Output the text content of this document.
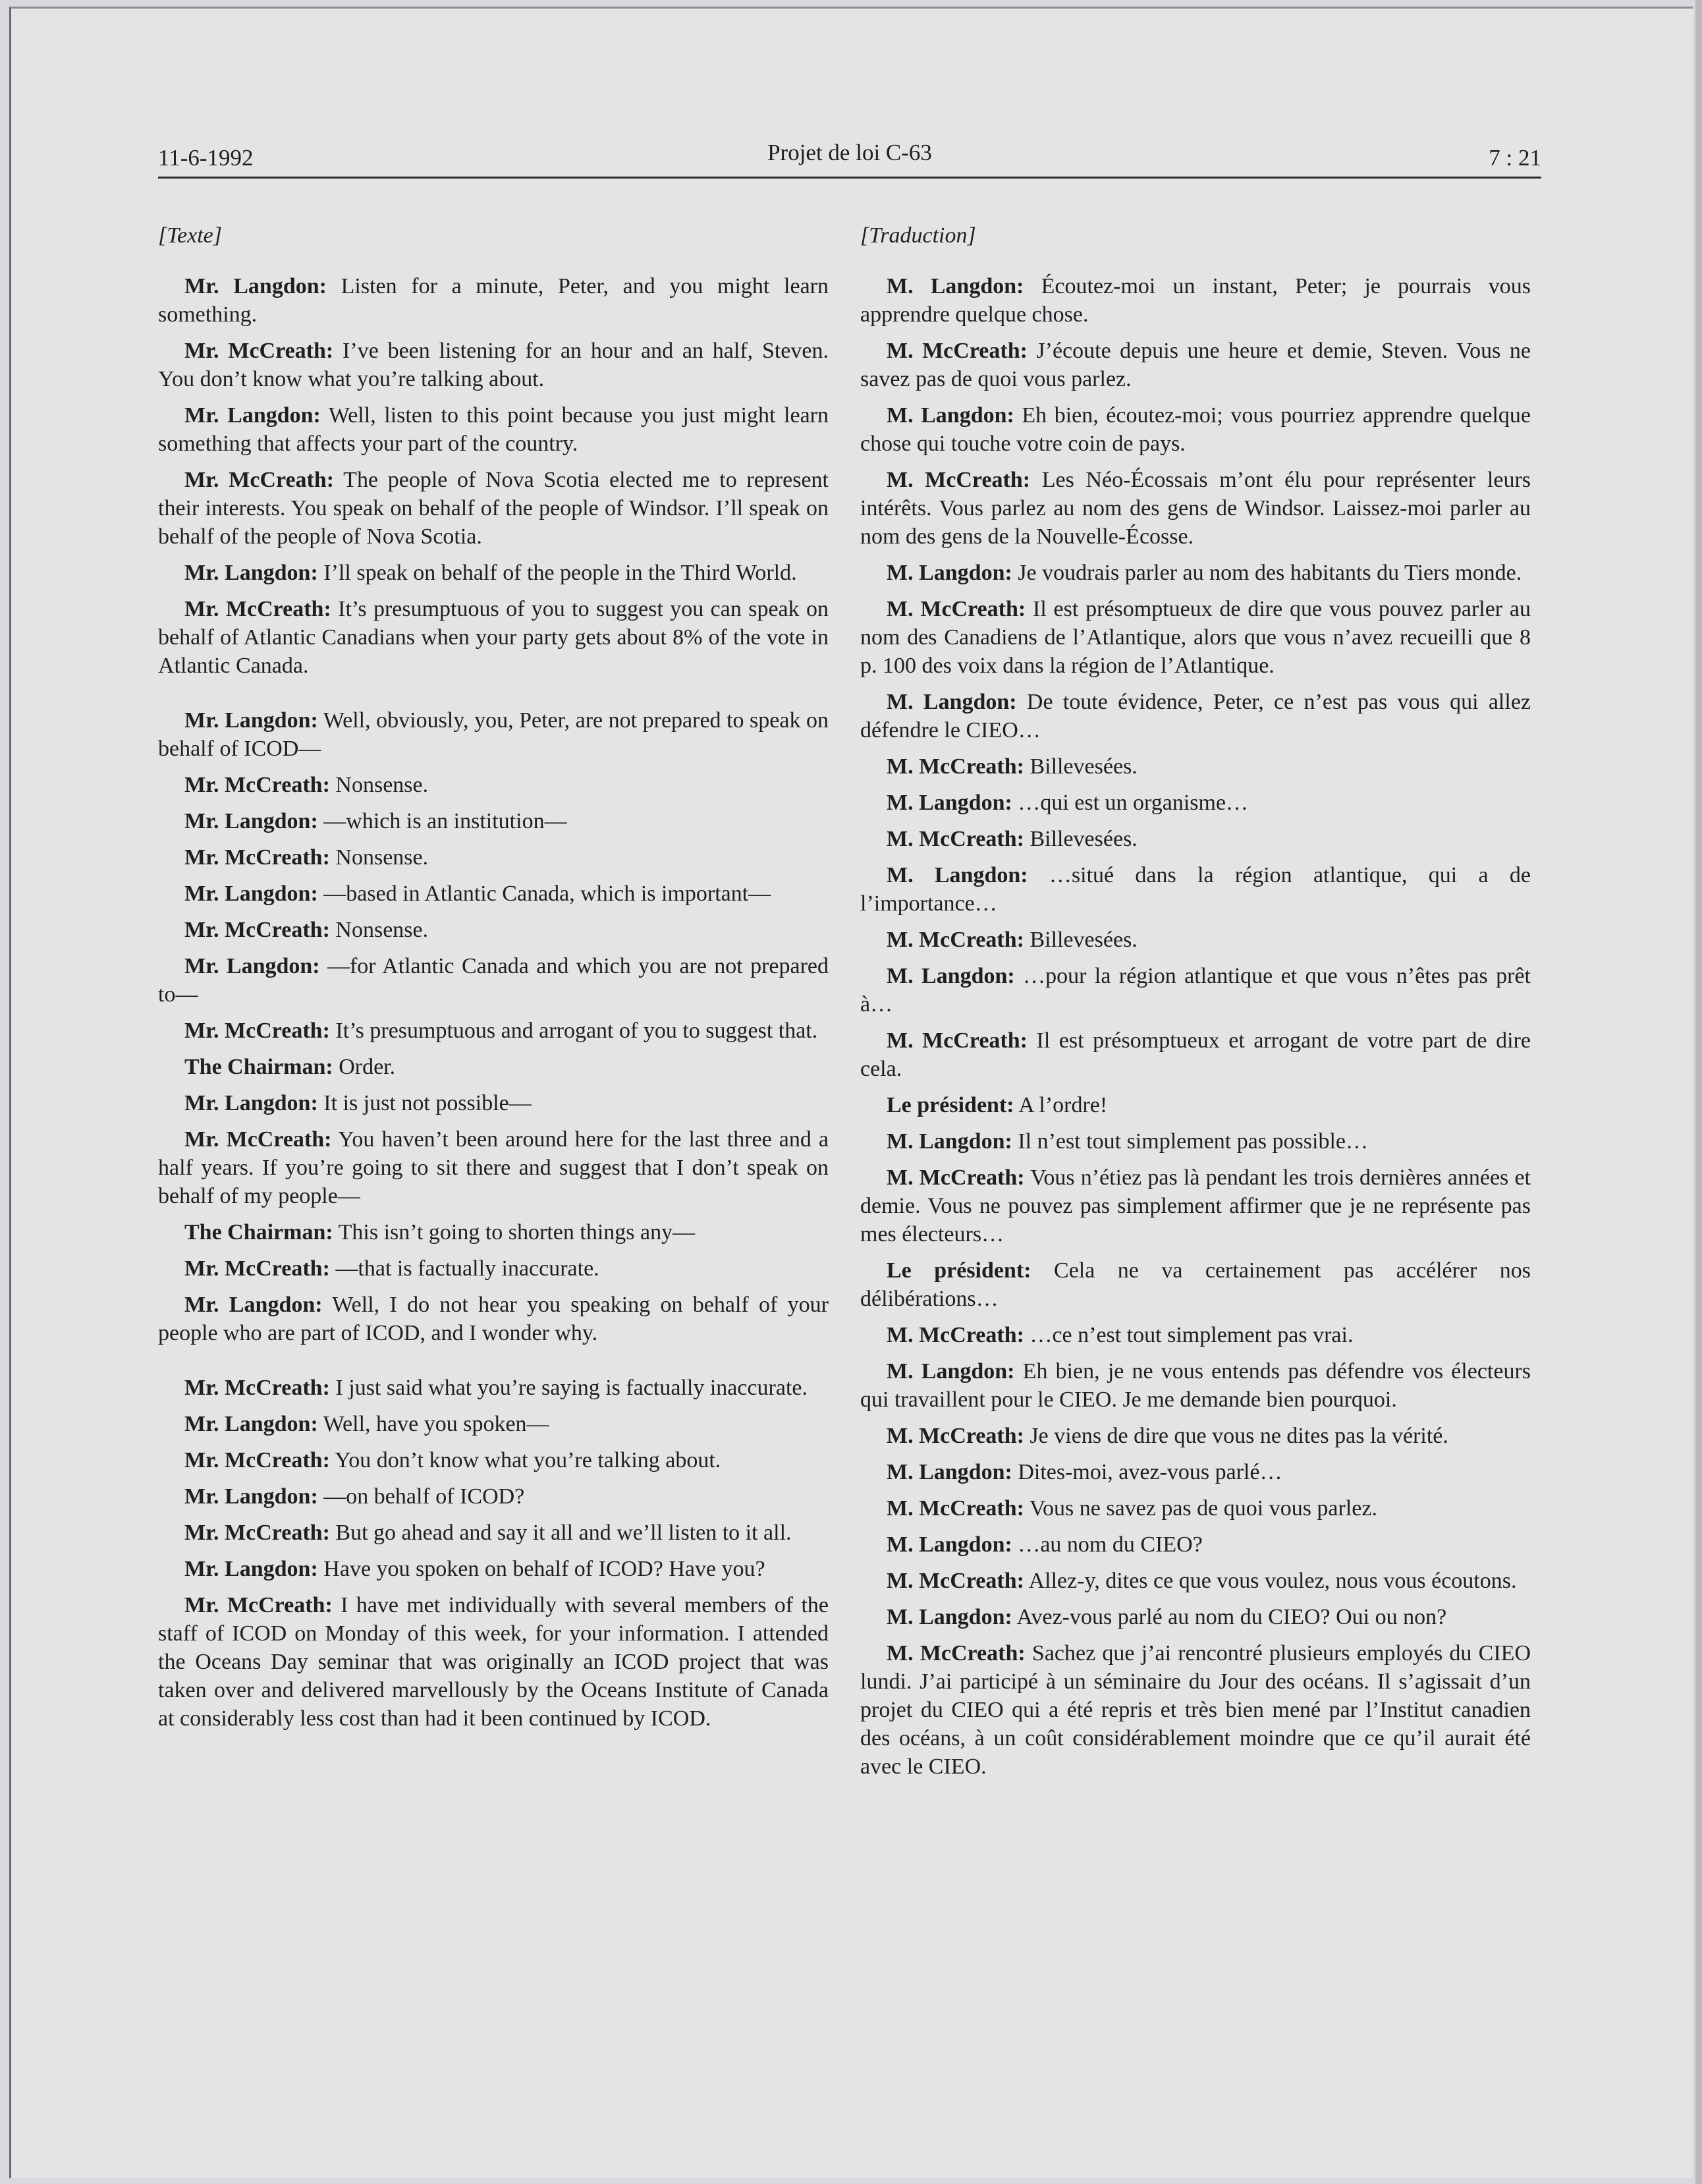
11-6-1992	Projet de loi C-63	7 : 21
[Texte]

Mr. Langdon: Listen for a minute, Peter, and you might learn something.

Mr. McCreath: I’ve been listening for an hour and an half, Steven. You don’t know what you’re talking about.

Mr. Langdon: Well, listen to this point because you just might learn something that affects your part of the country.

Mr. McCreath: The people of Nova Scotia elected me to represent their interests. You speak on behalf of the people of Windsor. I’ll speak on behalf of the people of Nova Scotia.

Mr. Langdon: I’ll speak on behalf of the people in the Third World.

Mr. McCreath: It’s presumptuous of you to suggest you can speak on behalf of Atlantic Canadians when your party gets about 8% of the vote in Atlantic Canada.

Mr. Langdon: Well, obviously, you, Peter, are not prepared to speak on behalf of ICOD—

Mr. McCreath: Nonsense.

Mr. Langdon: —which is an institution—

Mr. McCreath: Nonsense.

Mr. Langdon: —based in Atlantic Canada, which is important—

Mr. McCreath: Nonsense.

Mr. Langdon: —for Atlantic Canada and which you are not prepared to—

Mr. McCreath: It’s presumptuous and arrogant of you to suggest that.

The Chairman: Order.

Mr. Langdon: It is just not possible—

Mr. McCreath: You haven’t been around here for the last three and a half years. If you’re going to sit there and suggest that I don’t speak on behalf of my people—

The Chairman: This isn’t going to shorten things any—

Mr. McCreath: —that is factually inaccurate.

Mr. Langdon: Well, I do not hear you speaking on behalf of your people who are part of ICOD, and I wonder why.

Mr. McCreath: I just said what you’re saying is factually inaccurate.

Mr. Langdon: Well, have you spoken—

Mr. McCreath: You don’t know what you’re talking about.

Mr. Langdon: —on behalf of ICOD?

Mr. McCreath: But go ahead and say it all and we’ll listen to it all.

Mr. Langdon: Have you spoken on behalf of ICOD? Have you?

Mr. McCreath: I have met individually with several members of the staff of ICOD on Monday of this week, for your information. I attended the Oceans Day seminar that was originally an ICOD project that was taken over and delivered marvellously by the Oceans Institute of Canada at considerably less cost than had it been continued by ICOD.

[Traduction]

M. Langdon: Écoutez-moi un instant, Peter; je pourrais vous apprendre quelque chose.

M. McCreath: J’écoute depuis une heure et demie, Steven. Vous ne savez pas de quoi vous parlez.

M. Langdon: Eh bien, écoutez-moi; vous pourriez apprendre quelque chose qui touche votre coin de pays.

M. McCreath: Les Néo-Écossais m’ont élu pour représenter leurs intérêts. Vous parlez au nom des gens de Windsor. Laissez-moi parler au nom des gens de la Nouvelle-Écosse.

M. Langdon: Je voudrais parler au nom des habitants du Tiers monde.

M. McCreath: Il est présomptueux de dire que vous pouvez parler au nom des Canadiens de l’Atlantique, alors que vous n’avez recueilli que 8 p. 100 des voix dans la région de l’Atlantique.

M. Langdon: De toute évidence, Peter, ce n’est pas vous qui allez défendre le CIEO…

M. McCreath: Billevesées.

M. Langdon: …qui est un organisme…

M. McCreath: Billevesées.

M. Langdon: …situé dans la région atlantique, qui a de l’importance…

M. McCreath: Billevesées.

M. Langdon: …pour la région atlantique et que vous n’êtes pas prêt à…

M. McCreath: Il est présomptueux et arrogant de votre part de dire cela.

Le président: A l’ordre!

M. Langdon: Il n’est tout simplement pas possible…

M. McCreath: Vous n’étiez pas là pendant les trois dernières années et demie. Vous ne pouvez pas simplement affirmer que je ne représente pas mes électeurs…

Le président: Cela ne va certainement pas accélérer nos délibérations…

M. McCreath: …ce n’est tout simplement pas vrai.

M. Langdon: Eh bien, je ne vous entends pas défendre vos électeurs qui travaillent pour le CIEO. Je me demande bien pourquoi.

M. McCreath: Je viens de dire que vous ne dites pas la vérité.

M. Langdon: Dites-moi, avez-vous parlé…

M. McCreath: Vous ne savez pas de quoi vous parlez.

M. Langdon: …au nom du CIEO?

M. McCreath: Allez-y, dites ce que vous voulez, nous vous écoutons.

M. Langdon: Avez-vous parlé au nom du CIEO? Oui ou non?

M. McCreath: Sachez que j’ai rencontré plusieurs employés du CIEO lundi. J’ai participé à un séminaire du Jour des océans. Il s’agissait d’un projet du CIEO qui a été repris et très bien mené par l’Institut canadien des océans, à un coût considérablement moindre que ce qu’il aurait été avec le CIEO.
